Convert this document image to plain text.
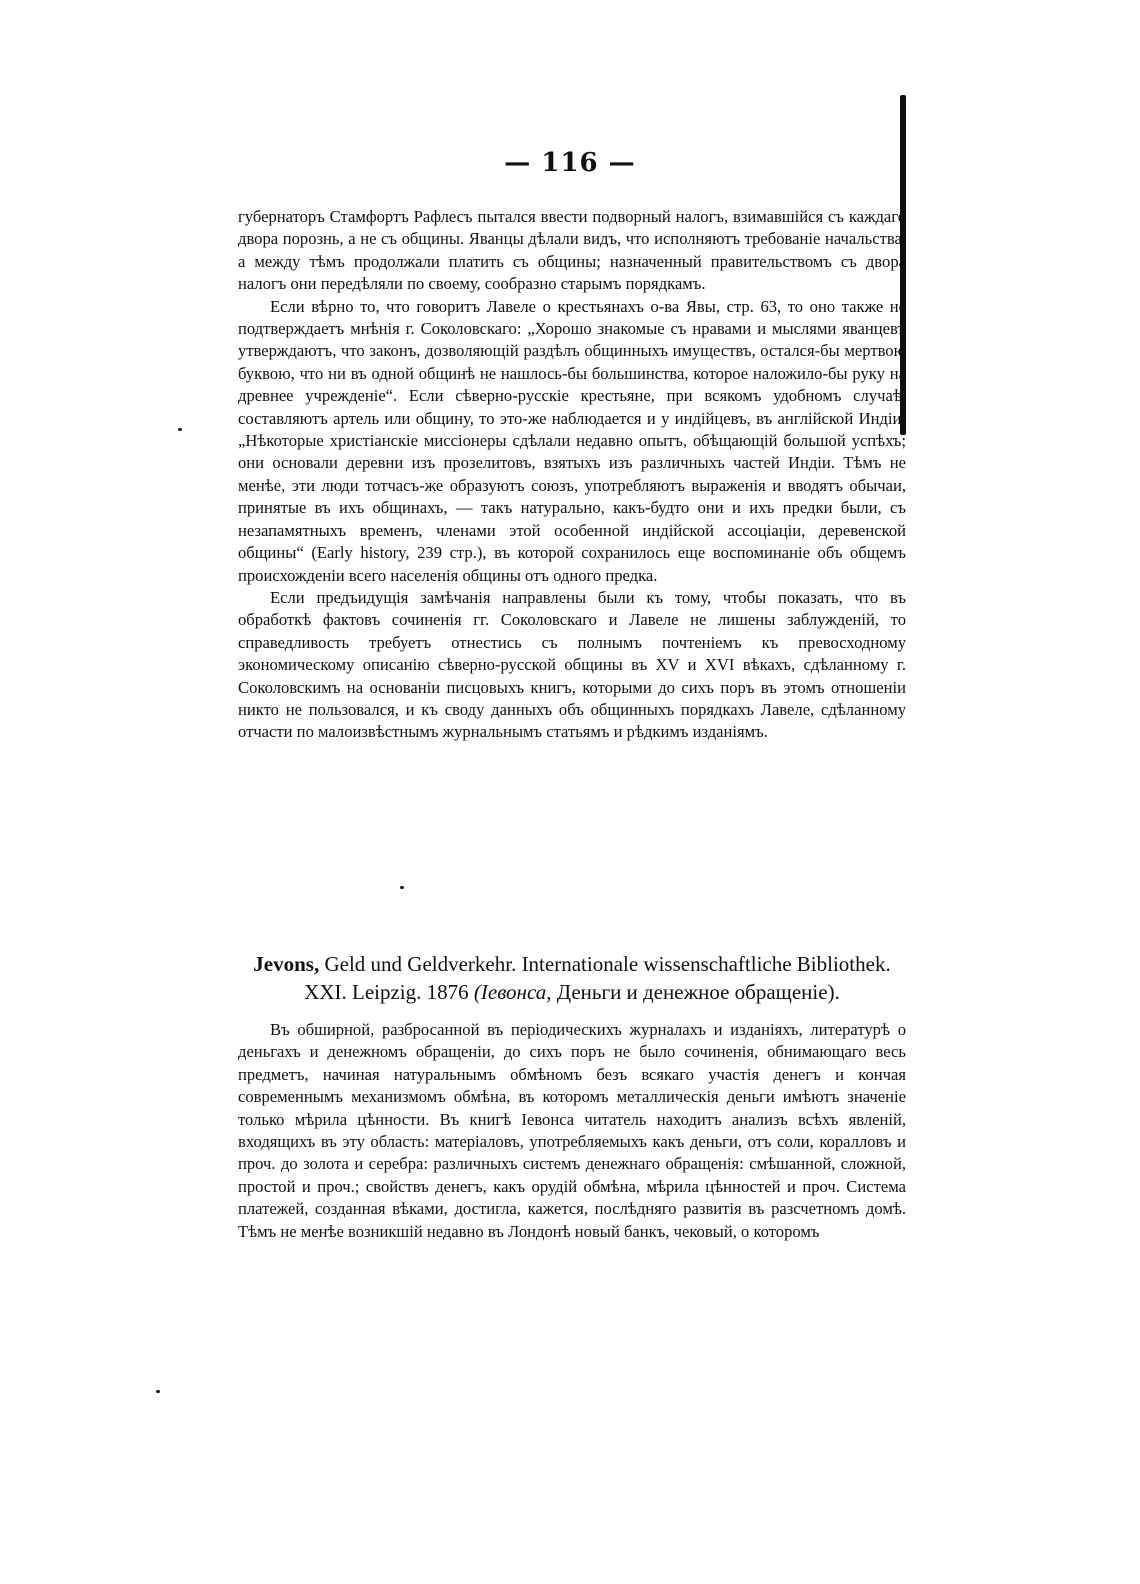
— 116 —

губернаторъ Стамфортъ Рафлесъ пытался ввести подворный налогъ, взимавшійся съ каждаго двора порознь, а не съ общины. Яванцы дѣлали видъ, что исполняютъ требованіе начальства, а между тѣмъ продолжали платить съ общины; назначенный правительствомъ съ двора налогъ они передѣляли по своему, сообразно старымъ порядкамъ.

Если вѣрно то, что говоритъ Лавеле о крестьянахъ о-ва Явы, стр. 63, то оно также не подтверждаетъ мнѣнія г. Соколовскаго: „Хорошо знакомые съ нравами и мыслями яванцевъ утверждаютъ, что законъ, дозволяющій раздѣлъ общинныхъ имуществъ, остался-бы мертвою буквою, что ни въ одной общинѣ не нашлось-бы большинства, которое наложило-бы руку на древнее учрежденіе“. Если сѣверно-русскіе крестьяне, при всякомъ удобномъ случаѣ, составляютъ артель или общину, то это-же наблюдается и у индійцевъ, въ англійской Индіи: „Нѣкоторые христіанскіе миссіонеры сдѣлали недавно опытъ, обѣщающій большой успѣхъ; они основали деревни изъ прозелитовъ, взятыхъ изъ различныхъ частей Индіи. Тѣмъ не менѣе, эти люди тотчасъ-же образуютъ союзъ, употребляютъ выраженія и вводятъ обычаи, принятые въ ихъ общинахъ, — такъ натурально, какъ-будто они и ихъ предки были, съ незапамятныхъ временъ, членами этой особенной индійской ассоціаціи, деревенской общины“ (Early history, 239 стр.), въ которой сохранилось еще воспоминаніе объ общемъ происхожденіи всего населенія общины отъ одного предка.

Если предъидущія замѣчанія направлены были къ тому, чтобы показать, что въ обработкѣ фактовъ сочиненія гг. Соколовскаго и Лавеле не лишены заблужденій, то справедливость требуетъ отнестись съ полнымъ почтеніемъ къ превосходному экономическому описанію сѣверно-русской общины въ XV и XVI вѣкахъ, сдѣланному г. Соколовскимъ на основаніи писцовыхъ книгъ, которыми до сихъ поръ въ этомъ отношеніи никто не пользовался, и къ своду данныхъ объ общинныхъ порядкахъ Лавеле, сдѣланному отчасти по малоизвѣстнымъ журнальнымъ статьямъ и рѣдкимъ изданіямъ.

Jevons, Geld und Geldverkehr. Internationale wissenschaftliche Bibliothek.
XXI. Leipzig. 1876 (Іевонса, Деньги и денежное обращеніе).

Въ обширной, разбросанной въ періодическихъ журналахъ и изданіяхъ, литературѣ о деньгахъ и денежномъ обращеніи, до сихъ поръ не было сочиненія, обнимающаго весь предметъ, начиная натуральнымъ обмѣномъ безъ всякаго участія денегъ и кончая современнымъ механизмомъ обмѣна, въ которомъ металлическія деньги имѣютъ значеніе только мѣрила цѣнности. Въ книгѣ Іевонса читатель находитъ анализъ всѣхъ явленій, входящихъ въ эту область: матеріаловъ, употребляемыхъ какъ деньги, отъ соли, коралловъ и проч. до золота и серебра: различныхъ системъ денежнаго обращенія: смѣшанной, сложной, простой и проч.; свойствъ денегъ, какъ орудій обмѣна, мѣрила цѣнностей и проч. Система платежей, созданная вѣками, достигла, кажется, послѣдняго развитія въ разсчетномъ домѣ. Тѣмъ не менѣе возникшій недавно въ Лондонѣ новый банкъ, чековый, о которомъ
